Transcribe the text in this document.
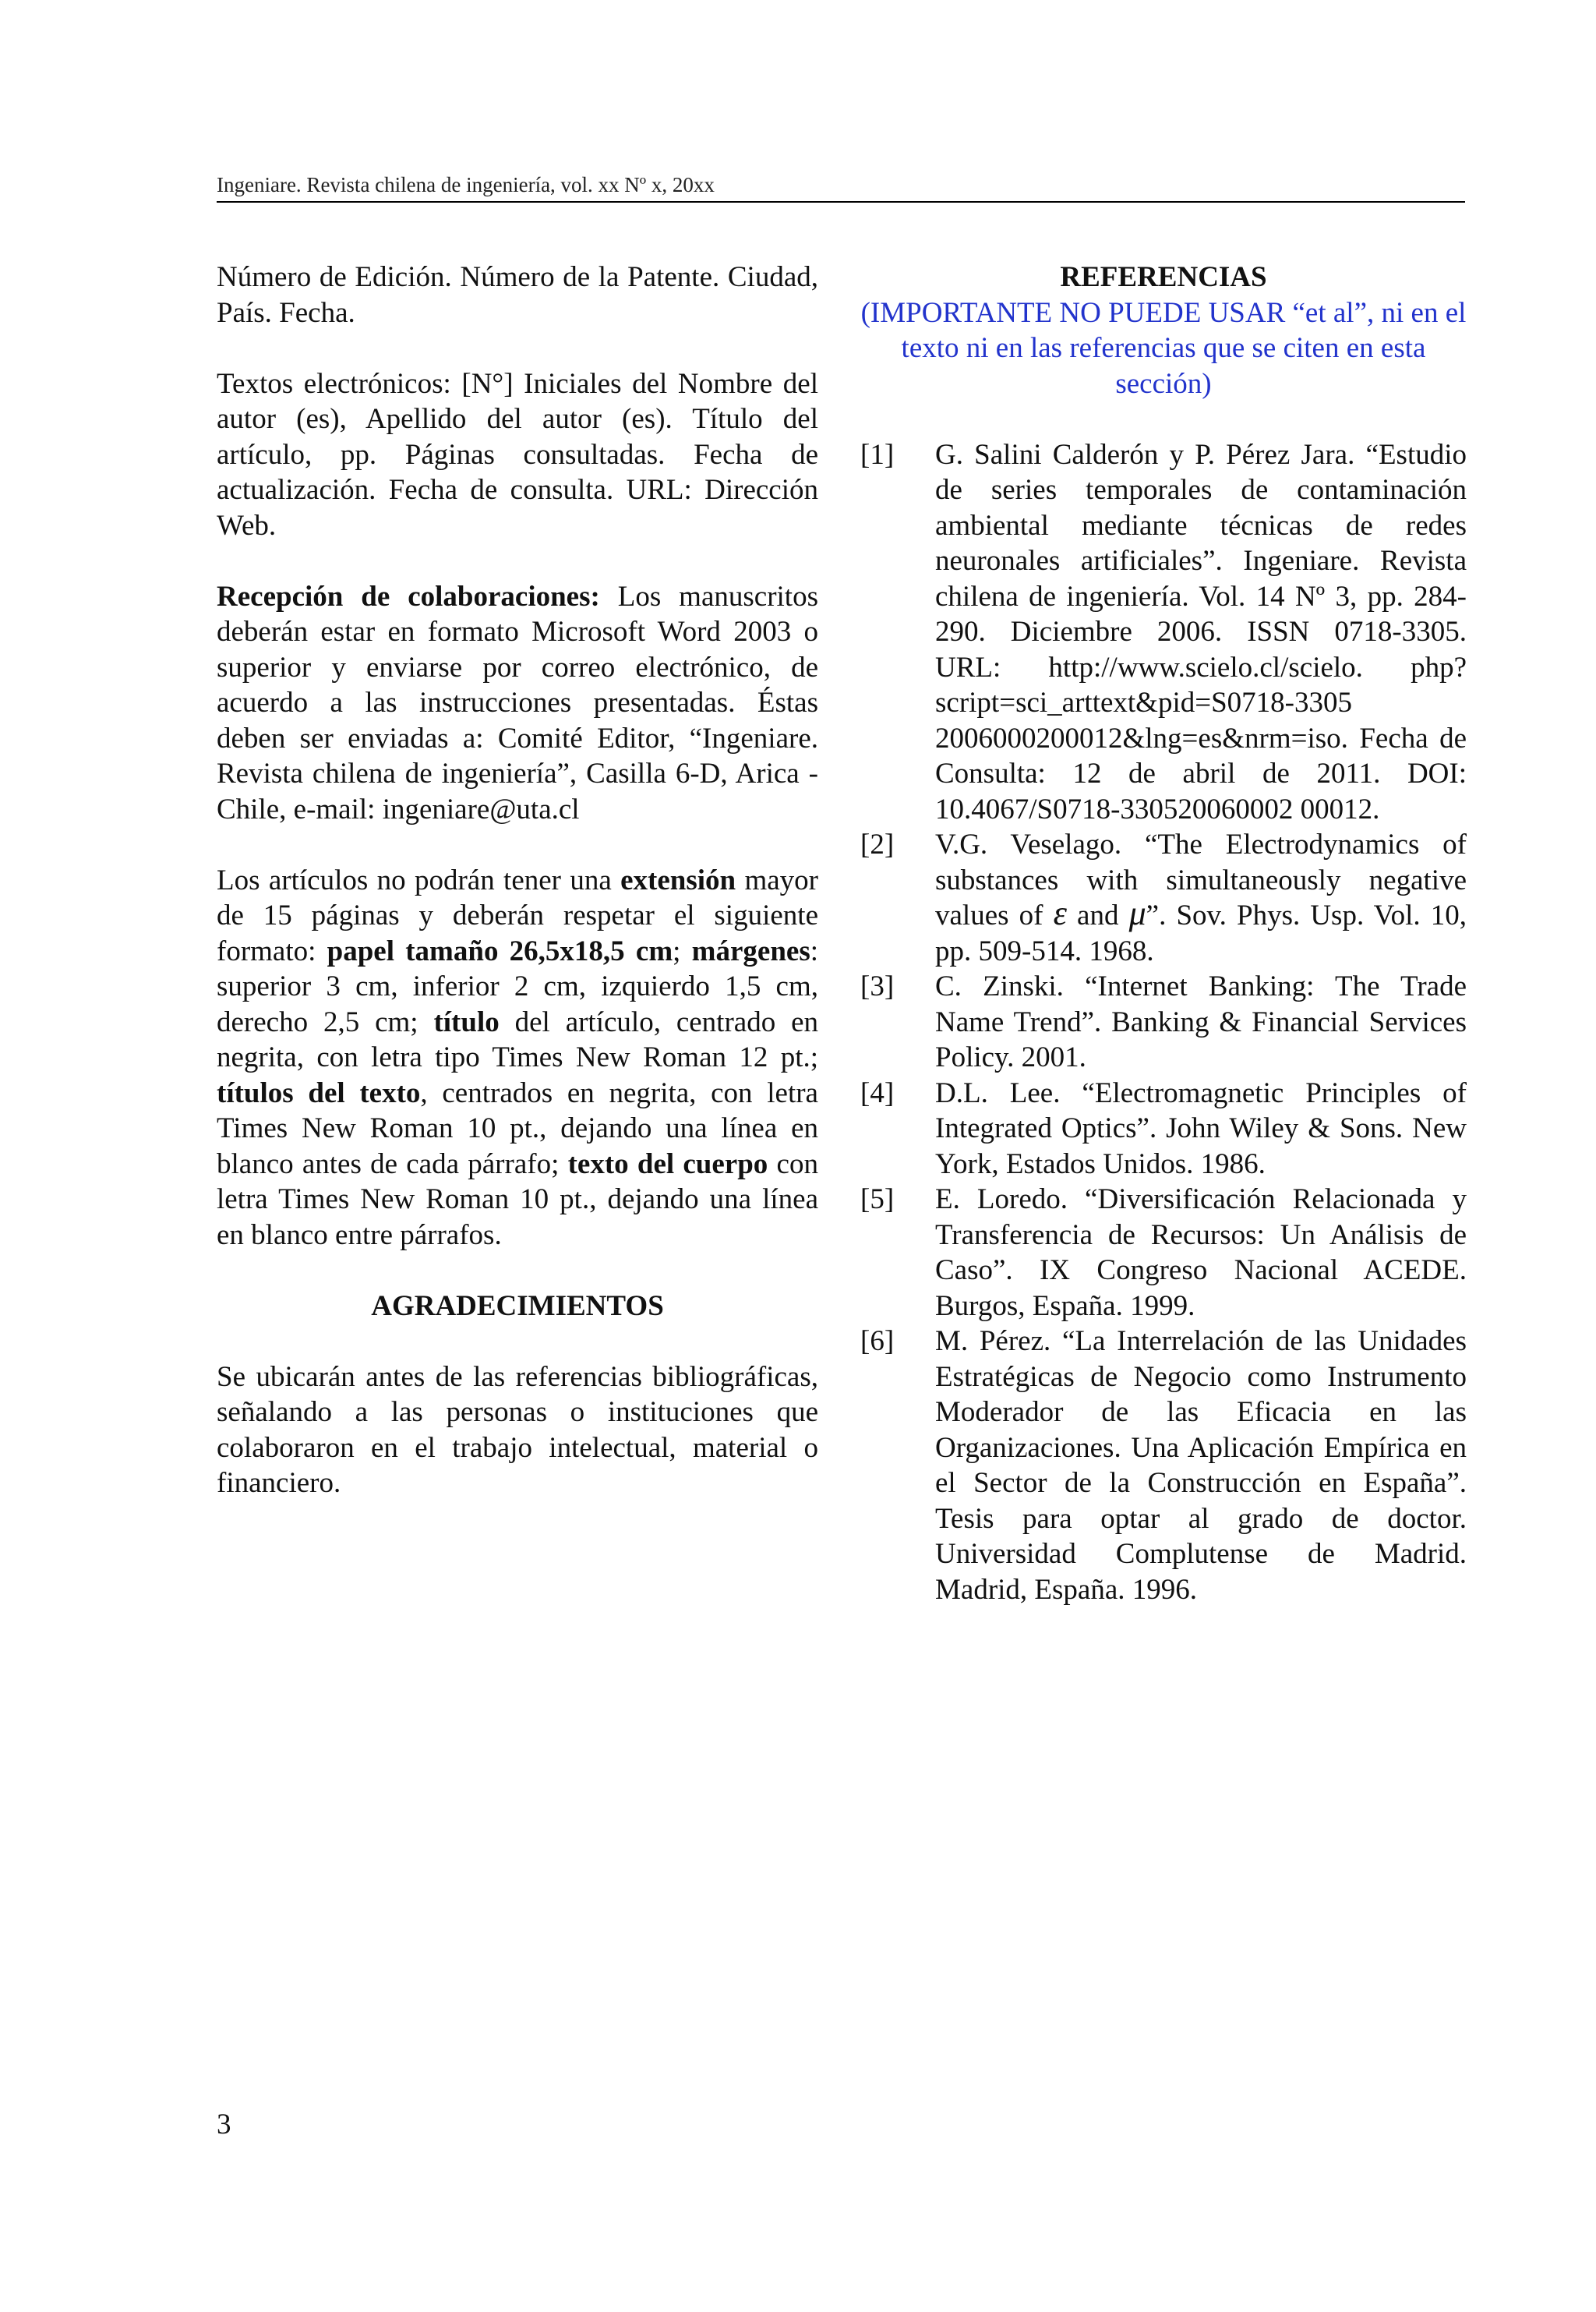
Ingeniare. Revista chilena de ingeniería, vol. xx Nº x, 20xx

Número de Edición. Número de la Patente. Ciudad, País. Fecha.

Textos electrónicos: [N°] Iniciales del Nombre del autor (es), Apellido del autor (es). Título del artículo, pp. Páginas consultadas. Fecha de actualización. Fecha de consulta. URL: Dirección Web.

Recepción de colaboraciones: Los manuscritos deberán estar en formato Microsoft Word 2003 o superior y enviarse por correo electrónico, de acuerdo a las instrucciones presentadas. Éstas deben ser enviadas a: Comité Editor, “Ingeniare. Revista chilena de ingeniería”, Casilla 6-D, Arica - Chile, e-mail: ingeniare@uta.cl

Los artículos no podrán tener una extensión mayor de 15 páginas y deberán respetar el siguiente formato: papel tamaño 26,5x18,5 cm; márgenes: superior 3 cm, inferior 2 cm, izquierdo 1,5 cm, derecho 2,5 cm; título del artículo, centrado en negrita, con letra tipo Times New Roman 12 pt.; títulos del texto, centrados en negrita, con letra Times New Roman 10 pt., dejando una línea en blanco antes de cada párrafo; texto del cuerpo con letra Times New Roman 10 pt., dejando una línea en blanco entre párrafos.

AGRADECIMIENTOS

Se ubicarán antes de las referencias bibliográficas, señalando a las personas o instituciones que colaboraron en el trabajo intelectual, material o financiero.

REFERENCIAS

(IMPORTANTE NO PUEDE USAR “et al”, ni en el texto ni en las referencias que se citen en esta sección)

[1]	G. Salini Calderón y P. Pérez Jara. “Estudio de series temporales de contaminación ambiental mediante técnicas de redes neuronales artificiales”. Ingeniare. Revista chilena de ingeniería. Vol. 14 Nº 3, pp. 284-290. Diciembre 2006. ISSN 0718-3305. URL: http://www.scielo.cl/scielo. php? script=sci_arttext&pid=S0718-3305 2006000200012&lng=es&nrm=iso. Fecha de Consulta: 12 de abril de 2011. DOI: 10.4067/S0718-330520060002 00012.
[2]	V.G. Veselago. “The Electrodynamics of substances with simultaneously negative values of ε and μ”. Sov. Phys. Usp. Vol. 10, pp. 509-514. 1968.
[3]	C. Zinski. “Internet Banking: The Trade Name Trend”. Banking & Financial Services Policy. 2001.
[4]	D.L. Lee. “Electromagnetic Principles of Integrated Optics”. John Wiley & Sons. New York, Estados Unidos. 1986.
[5]	E. Loredo. “Diversificación Relacionada y Transferencia de Recursos: Un Análisis de Caso”. IX Congreso Nacional ACEDE. Burgos, España. 1999.
[6]	M. Pérez. “La Interrelación de las Unidades Estratégicas de Negocio como Instrumento Moderador de las Eficacia en las Organizaciones. Una Aplicación Empírica en el Sector de la Construcción en España”. Tesis para optar al grado de doctor. Universidad Complutense de Madrid. Madrid, España. 1996.
3
